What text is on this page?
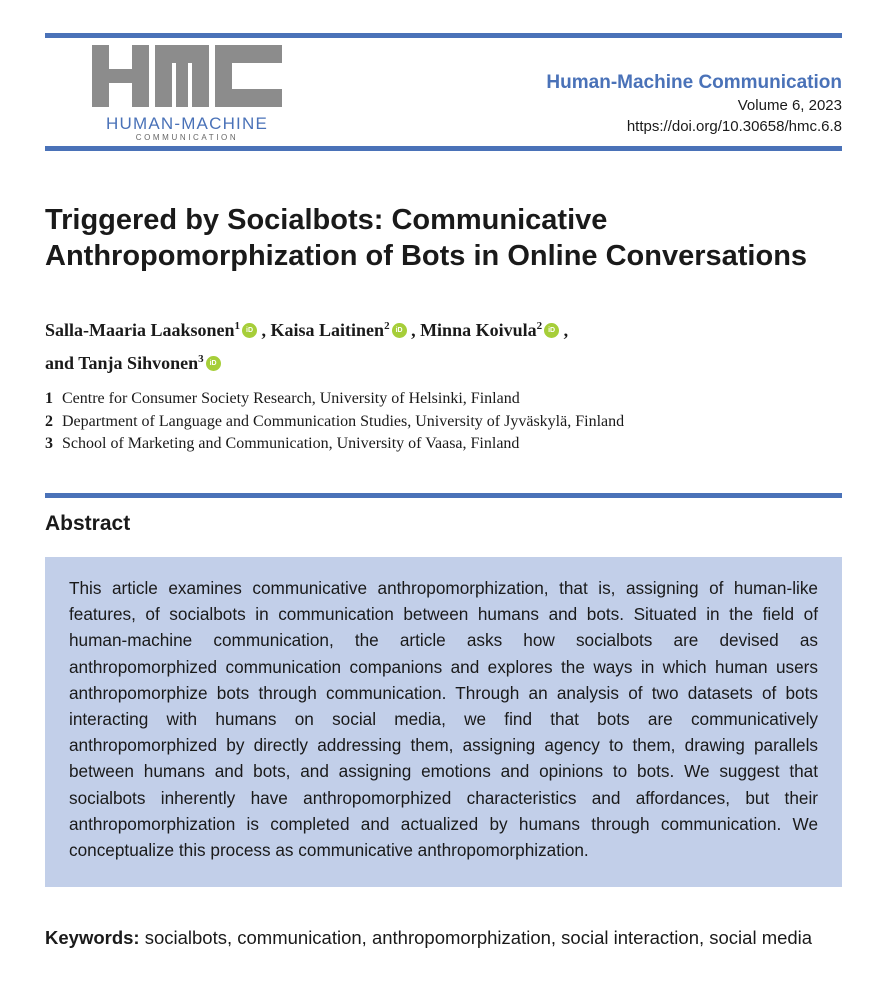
HUMAN-MACHINE
COMMUNICATION
Human-Machine Communication
Volume 6, 2023
https://doi.org/10.30658/hmc.6.8
Triggered by Socialbots: Communicative Anthropomorphization of Bots in Online Conversations
Salla-Maaria Laaksonen$^1$ iD , Kaisa Laitinen$^2$ iD , Minna Koivula$^2$ iD ,
and Tanja Sihvonen$^3$ iD
1 Centre for Consumer Society Research, University of Helsinki, Finland
2 Department of Language and Communication Studies, University of Jyväskylä, Finland
3 School of Marketing and Communication, University of Vaasa, Finland
Abstract

This article examines communicative anthropomorphization, that is, assigning of human-like features, of socialbots in communication between humans and bots. Situated in the field of human-machine communication, the article asks how socialbots are devised as anthropomorphized communication companions and explores the ways in which human users anthropomorphize bots through communication. Through an analysis of two datasets of bots interacting with humans on social media, we find that bots are communicatively anthropomorphized by directly addressing them, assigning agency to them, drawing parallels between humans and bots, and assigning emotions and opinions to bots. We suggest that socialbots inherently have anthropomorphized characteristics and affordances, but their anthropomorphization is completed and actualized by humans through communication. We conceptualize this process as communicative anthropomorphization.

Keywords: socialbots, communication, anthropomorphization, social interaction, social media
